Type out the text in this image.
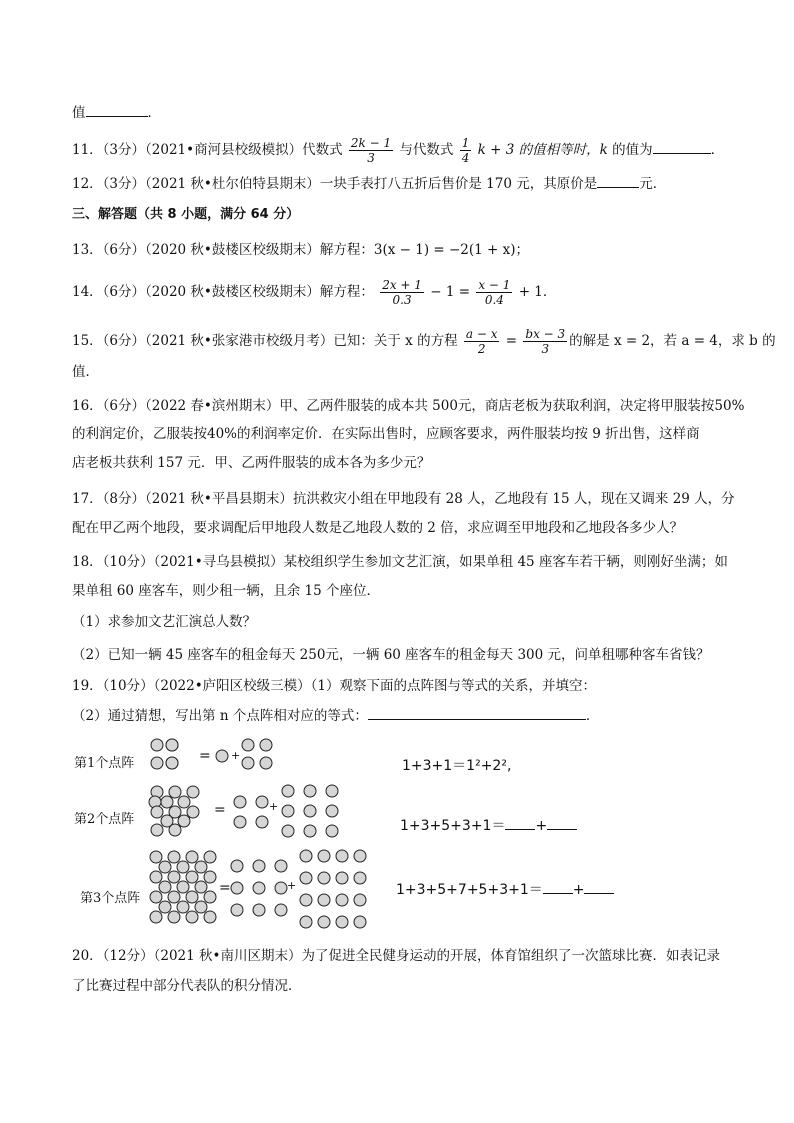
值	．
11．（3分）（2021•商河县校级模拟）代数式 $\frac{2k - 1}{3}$ 与代数式 $\frac{1}{4}$ k + 3 的值相等时，k 的值为	．
12．（3分）（2021 秋•杜尔伯特县期末）一块手表打八五折后售价是 170 元，其原价是	元．
三、解答题（共 8 小题，满分 64 分）
13．（6分）（2020 秋•鼓楼区校级期末）解方程：3(x − 1) = −2(1 + x)；
14．（6分）（2020 秋•鼓楼区校级期末）解方程： $\frac{2x + 1}{0.3} - 1 = \frac{x - 1}{0.4} + 1$．
15．（6分）（2021 秋•张家港市校级月考）已知：关于 x 的方程 $\frac{a - x}{2} = \frac{bx - 3}{3}$ 的解是 x = 2，若 a = 4，求 b 的
值．
16．（6分）（2022 春•滨州期末）甲、乙两件服装的成本共 500元，商店老板为获取利润，决定将甲服装按50%
的利润定价，乙服装按40%的利润率定价．在实际出售时，应顾客要求，两件服装均按 9 折出售，这样商
店老板共获利 157 元．甲、乙两件服装的成本各为多少元？
17．（8分）（2021 秋•平昌县期末）抗洪救灾小组在甲地段有 28 人，乙地段有 15 人，现在又调来 29 人，分
配在甲乙两个地段，要求调配后甲地段人数是乙地段人数的 2 倍，求应调至甲地段和乙地段各多少人？
18．（10分）（2021•寻乌县模拟）某校组织学生参加文艺汇演，如果单租 45 座客车若干辆，则刚好坐满；如
果单租 60 座客车，则少租一辆，且余 15 个座位．
（1）求参加文艺汇演总人数？
（2）已知一辆 45 座客车的租金每天 250元，一辆 60 座客车的租金每天 300 元，问单租哪种客车省钱？
19．（10分）（2022•庐阳区校级三模）（1）观察下面的点阵图与等式的关系，并填空：
（2）通过猜想，写出第 n 个点阵相对应的等式：	．
第1个点阵	= +
1+3+1＝1²+2²,
第2个点阵
=	+
1+3+5+3+1＝ +
第3个点阵
=	+	1+3+5+7+5+3+1＝ +
20．（12分）（2021 秋•南川区期末）为了促进全民健身运动的开展，体育馆组织了一次篮球比赛．如表记录
了比赛过程中部分代表队的积分情况．
